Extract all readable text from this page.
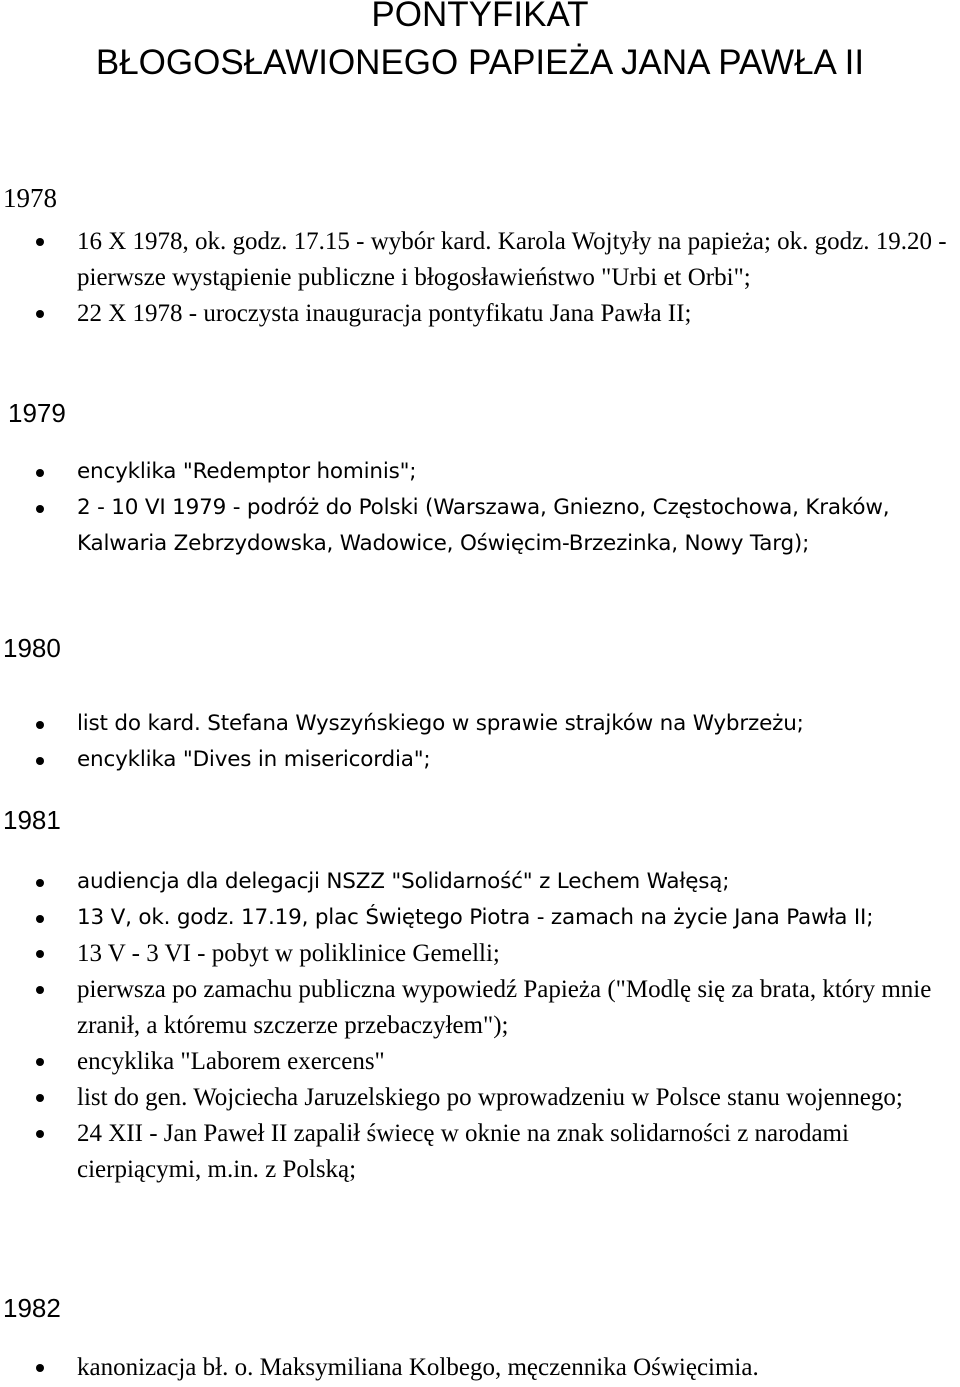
PONTYFIKAT
BŁOGOSŁAWIONEGO PAPIEŻA JANA PAWŁA II
1978
16 X 1978, ok. godz. 17.15 - wybór kard. Karola Wojtyły na papieża; ok. godz. 19.20 - pierwsze wystąpienie publiczne i błogosławieństwo "Urbi et Orbi";
22 X 1978 - uroczysta inauguracja pontyfikatu Jana Pawła II;
1979
encyklika "Redemptor hominis";
2 - 10 VI 1979 - podróż do Polski (Warszawa, Gniezno, Częstochowa, Kraków, Kalwaria Zebrzydowska, Wadowice, Oświęcim-Brzezinka, Nowy Targ);
1980
list do kard. Stefana Wyszyńskiego w sprawie strajków na Wybrzeżu;
encyklika "Dives in misericordia";
1981
audiencja dla delegacji NSZZ "Solidarność" z Lechem Wałęsą;
13 V, ok. godz. 17.19, plac Świętego Piotra - zamach na życie Jana Pawła II;
13 V - 3 VI - pobyt w poliklinice Gemelli;
pierwsza po zamachu publiczna wypowiedź Papieża ("Modlę się za brata, który mnie zranił, a któremu szczerze przebaczyłem");
encyklika "Laborem exercens"
list do gen. Wojciecha Jaruzelskiego po wprowadzeniu w Polsce stanu wojennego;
24 XII - Jan Paweł II zapalił świecę w oknie na znak solidarności z narodami cierpiącymi, m.in. z Polską;
1982
kanonizacja bł. o. Maksymiliana Kolbego, męczennika Oświęcimia.
